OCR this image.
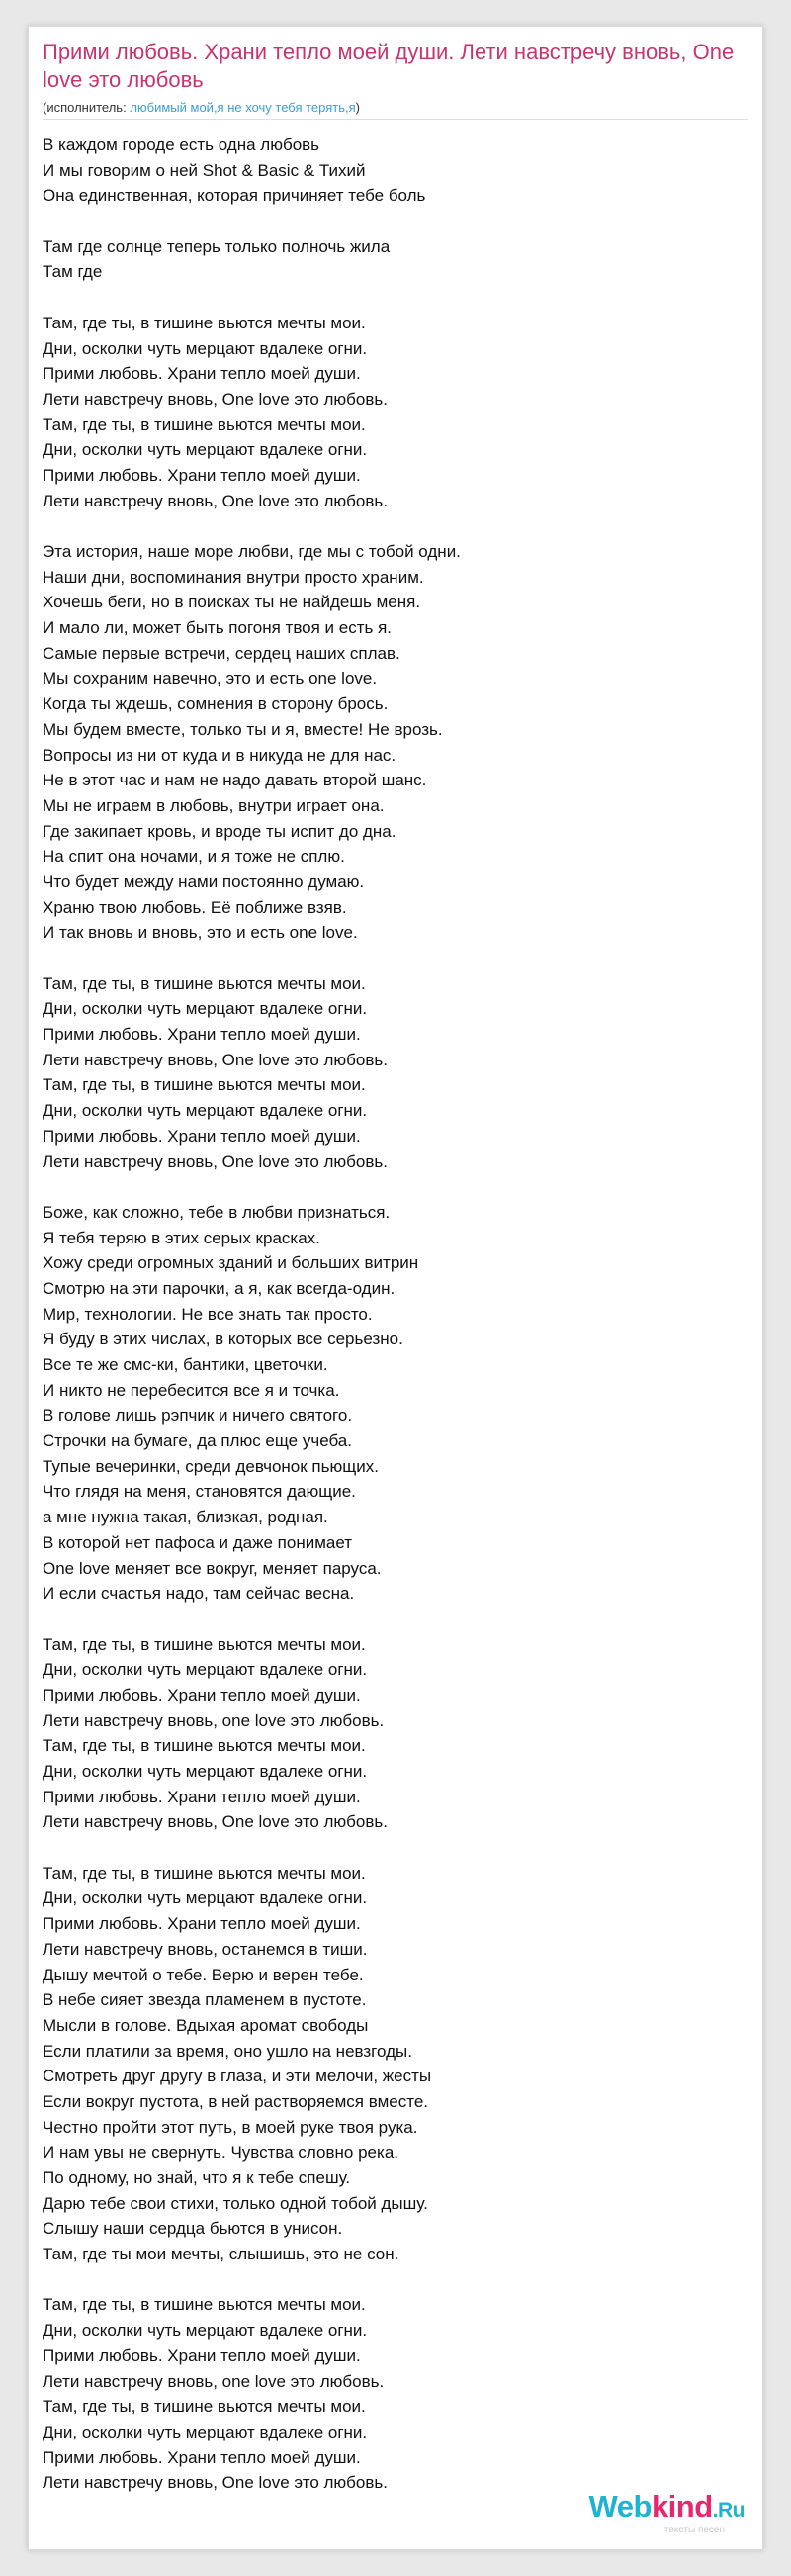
Прими любовь. Храни тепло моей души. Лети навстречу вновь, One love это любовь
(исполнитель: любимый мой,я не хочу тебя терять,я)
В каждом городе есть одна любовь
И мы говорим о ней Shot & Basic & Тихий
Она единственная, которая причиняет тебе боль
Там где солнце теперь только полночь жила
Там где
Там, где ты, в тишине вьются мечты мои.
Дни, осколки чуть мерцают вдалеке огни.
Прими любовь. Храни тепло моей души.
Лети навстречу вновь, One love это любовь.
Там, где ты, в тишине вьются мечты мои.
Дни, осколки чуть мерцают вдалеке огни.
Прими любовь. Храни тепло моей души.
Лети навстречу вновь, One love это любовь.
Эта история, наше море любви, где мы с тобой одни.
Наши дни, воспоминания внутри просто храним.
Хочешь беги, но в поисках ты не найдешь меня.
И мало ли, может быть погоня твоя и есть я.
Самые первые встречи, сердец наших сплав.
Мы сохраним навечно, это и есть one love.
Когда ты ждешь, сомнения в сторону брось.
Мы будем вместе, только ты и я, вместе! Не врозь.
Вопросы из ни от куда и в никуда не для нас.
Не в этот час и нам не надо давать второй шанс.
Мы не играем в любовь, внутри играет она.
Где закипает кровь, и вроде ты испит до дна.
На спит она ночами, и я тоже не сплю.
Что будет между нами постоянно думаю.
Храню твою любовь. Её поближе взяв.
И так вновь и вновь, это и есть one love.
Там, где ты, в тишине вьются мечты мои.
Дни, осколки чуть мерцают вдалеке огни.
Прими любовь. Храни тепло моей души.
Лети навстречу вновь, One love это любовь.
Там, где ты, в тишине вьются мечты мои.
Дни, осколки чуть мерцают вдалеке огни.
Прими любовь. Храни тепло моей души.
Лети навстречу вновь, One love это любовь.
Боже, как сложно, тебе в любви признаться.
Я тебя теряю в этих серых красках.
Хожу среди огромных зданий и больших витрин
Смотрю на эти парочки, а я, как всегда-один.
Мир, технологии. Не все знать так просто.
Я буду в этих числах, в которых все серьезно.
Все те же смс-ки, бантики, цветочки.
И никто не перебесится все я и точка.
В голове лишь рэпчик и ничего святого.
Строчки на бумаге, да плюс еще учеба.
Тупые вечеринки, среди девчонок пьющих.
Что глядя на меня, становятся дающие.
а мне нужна такая, близкая, родная.
В которой нет пафоса и даже понимает
One love меняет все вокруг, меняет паруса.
И если счастья надо, там сейчас весна.
Там, где ты, в тишине вьются мечты мои.
Дни, осколки чуть мерцают вдалеке огни.
Прими любовь. Храни тепло моей души.
Лети навстречу вновь, one love это любовь.
Там, где ты, в тишине вьются мечты мои.
Дни, осколки чуть мерцают вдалеке огни.
Прими любовь. Храни тепло моей души.
Лети навстречу вновь, One love это любовь.
Там, где ты, в тишине вьются мечты мои.
Дни, осколки чуть мерцают вдалеке огни.
Прими любовь. Храни тепло моей души.
Лети навстречу вновь, останемся в тиши.
Дышу мечтой о тебе. Верю и верен тебе.
В небе сияет звезда пламенем в пустоте.
Мысли в голове. Вдыхая аромат свободы
Если платили за время, оно ушло на невзгоды.
Смотреть друг другу в глаза, и эти мелочи, жесты
Если вокруг пустота, в ней растворяемся вместе.
Честно пройти этот путь, в моей руке твоя рука.
И нам увы не свернуть. Чувства словно река.
По одному, но знай, что я к тебе спешу.
Дарю тебе свои стихи, только одной тобой дышу.
Слышу наши сердца бьются в унисон.
Там, где ты мои мечты, слышишь, это не сон.
Там, где ты, в тишине вьются мечты мои.
Дни, осколки чуть мерцают вдалеке огни.
Прими любовь. Храни тепло моей души.
Лети навстречу вновь, one love это любовь.
Там, где ты, в тишине вьются мечты мои.
Дни, осколки чуть мерцают вдалеке огни.
Прими любовь. Храни тепло моей души.
Лети навстречу вновь, One love это любовь.
Webkind.Ru
тексты песен
